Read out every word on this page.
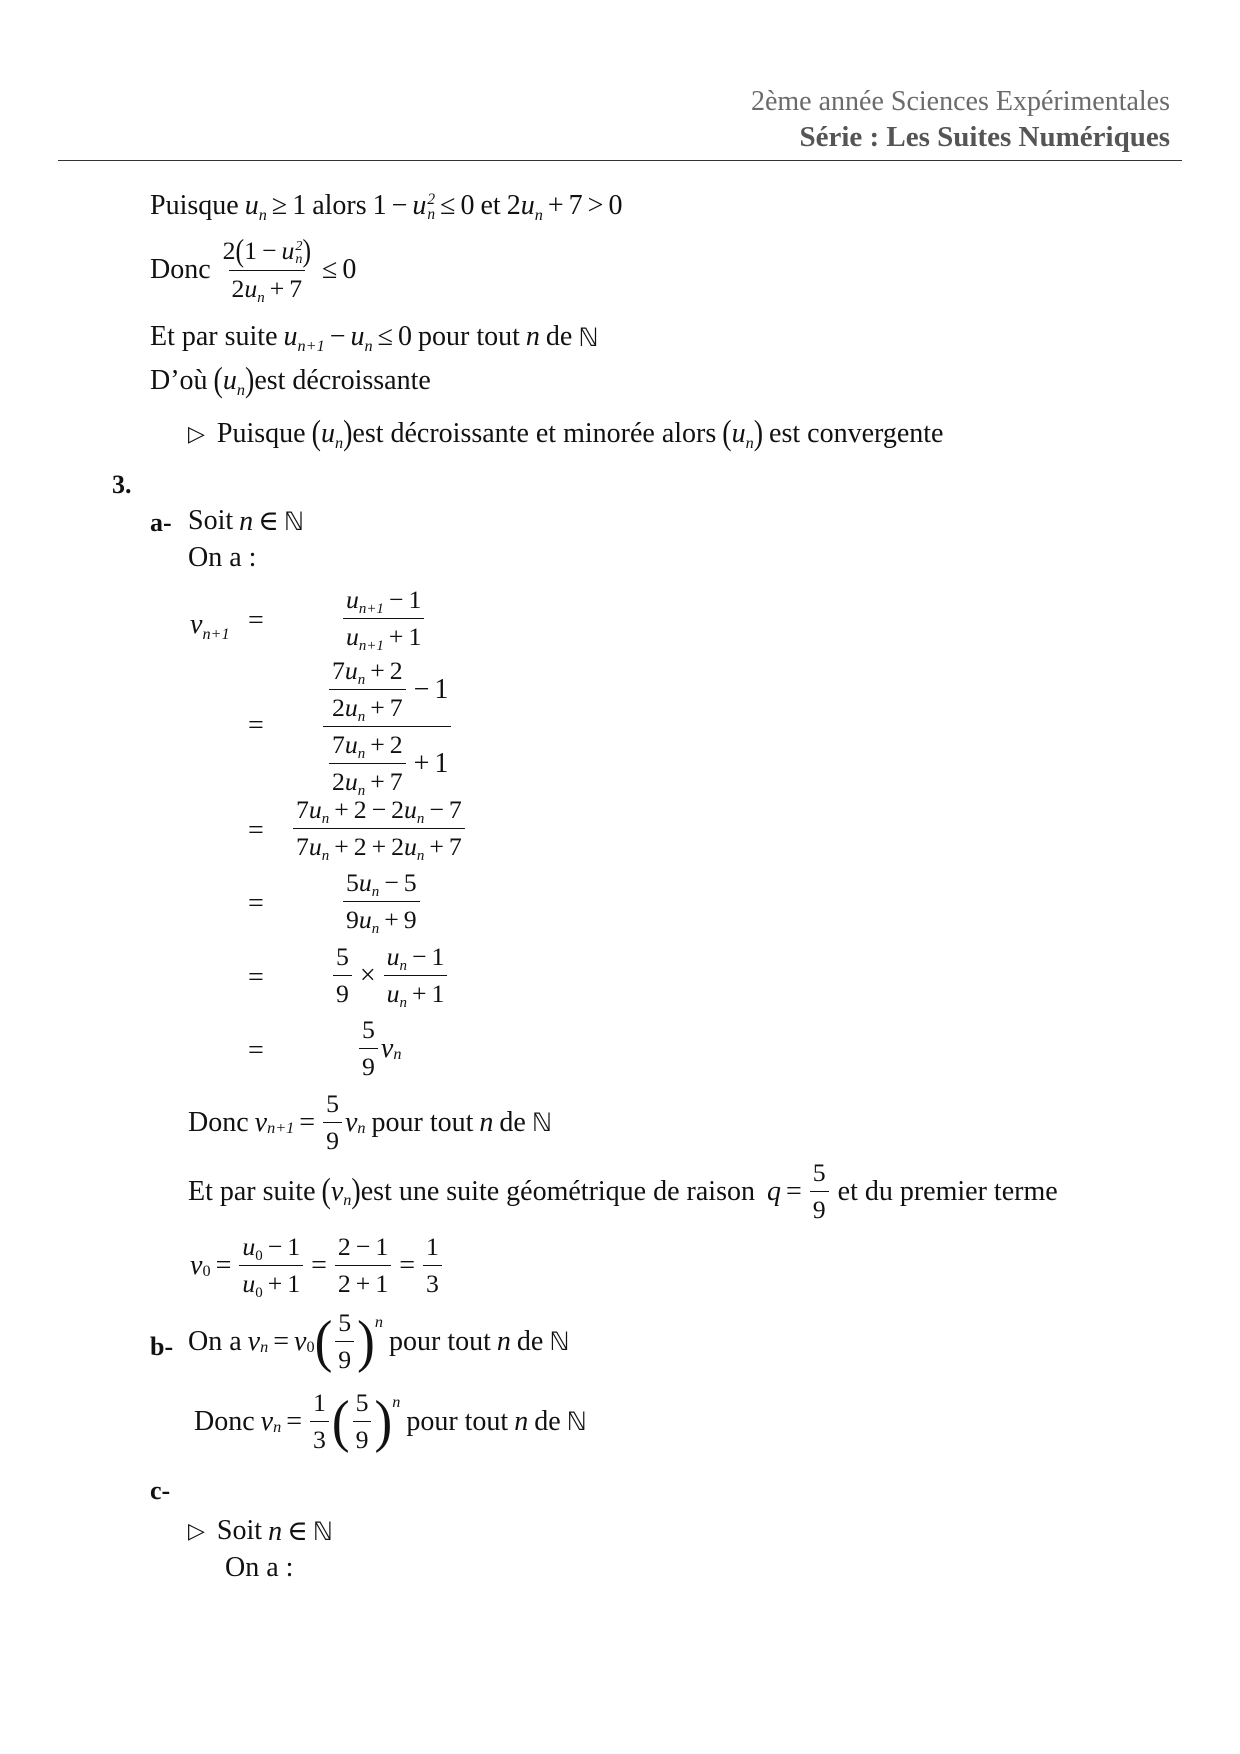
2ème année Sciences Expérimentales
Série : Les Suites Numériques
Puisque $u_n \ge 1$ alors 1 − u 2
n ≤ 0 et $2u_n + 7 > 0$
Donc 2(1 − u 2
n )
$2u_n + 7 \le 0$
Et par suite $u_{n+1} - u_n \le 0$ pour tout n de ℕ
D’où $(u_n)$ est décroissante
▷ Puisque $(u_n)$ est décroissante et minorée alors $(u_n)$ est convergente
3.
a- Soit n ∈ ℕ
On a :
$v_{n+1}$ =	$\frac{u_{n+1} - 1}{u_{n+1} + 1}$
= $\frac{\frac{7u_n + 2}{2u_n + 7} - 1}{\frac{7u_n + 2}{2u_n + 7} + 1}$
= $\frac{7u_n + 2 - 2u_n - 7}{7u_n + 2 + 2u_n + 7}$
=	$\frac{5u_n - 5}{9u_n + 9}$
=	$\frac{5}{9} \times \frac{u_n - 1}{u_n + 1}$
=	$\frac{5}{9}$ v n
Donc v $n+1 = \frac{5}{9}$ v n pour tout n de ℕ
Et par suite $(v_n)$ est une suite géométrique de raison $q = \frac{5}{9}$ et du premier terme
v $0 = \frac{u_0 - 1}{u_0 + 1} = \frac{2 - 1}{2 + 1} = \frac{1}{3}$
b- On a v n = v 0 ( $\frac{5}{9}$ ) n
pour tout n de ℕ
Donc v $n = \frac{1}{3}$ ( $\frac{5}{9}$ ) n
pour tout n de ℕ
c-
▷ Soit n ∈ ℕ
On a :
